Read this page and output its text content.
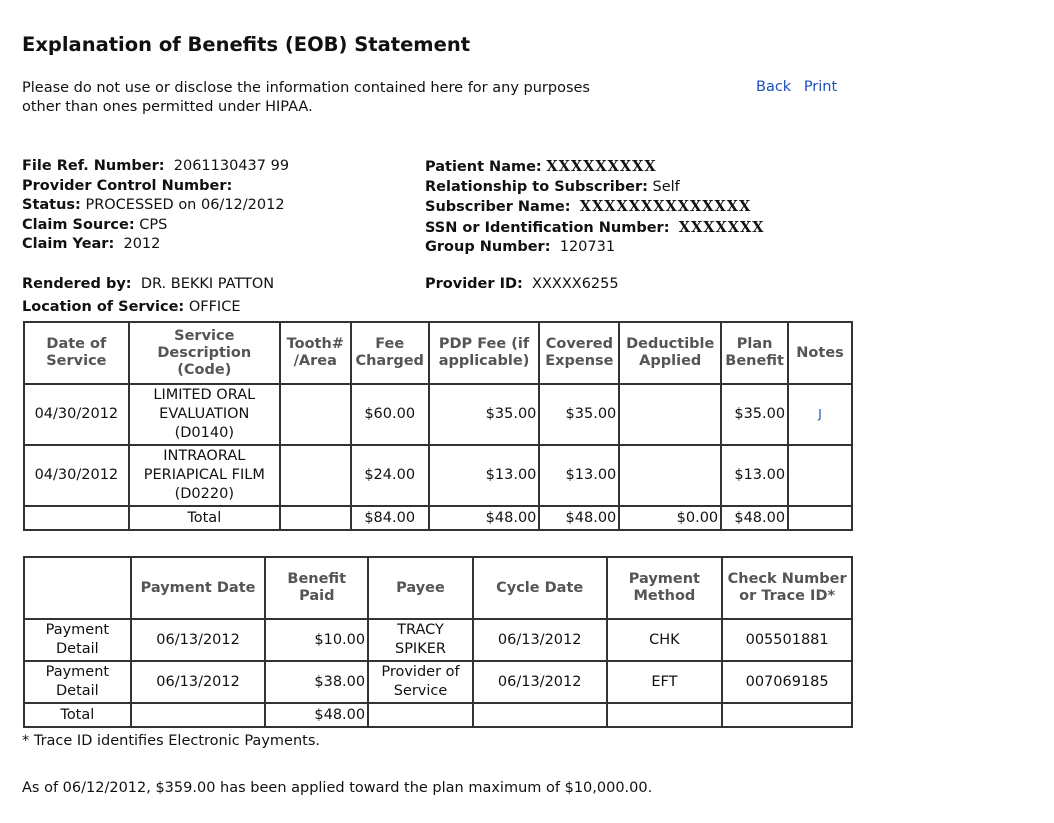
Explanation of Benefits (EOB) Statement
Please do not use or disclose the information contained here for any purposes other than ones permitted under HIPAA.
Back Print
File Ref. Number: 2061130437 99
Provider Control Number:
Status: PROCESSED on 06/12/2012
Claim Source: CPS
Claim Year: 2012
Patient Name: XXXXXXXXX
Relationship to Subscriber: Self
Subscriber Name: XXXXXXXXXXXXXX
SSN or Identification Number: XXXXXXX
Group Number: 120731
Rendered by: DR. BEKKI PATTON
Location of Service: OFFICE
Provider ID: XXXXX6255
Date of Service	Service Description (Code)	Tooth# /Area	Fee Charged	PDP Fee (if applicable)	Covered Expense	Deductible Applied	Plan Benefit	Notes
04/30/2012	LIMITED ORAL EVALUATION (D0140)		$60.00	$35.00	$35.00		$35.00	J
04/30/2012	INTRAORAL PERIAPICAL FILM (D0220)		$24.00	$13.00	$13.00		$13.00	
	Total		$84.00	$48.00	$48.00	$0.00	$48.00	
	Payment Date	Benefit Paid	Payee	Cycle Date	Payment Method	Check Number or Trace ID*
Payment Detail	06/13/2012	$10.00	TRACY SPIKER	06/13/2012	CHK	005501881
Payment Detail	06/13/2012	$38.00	Provider of Service	06/13/2012	EFT	007069185
Total		$48.00				
* Trace ID identifies Electronic Payments.
As of 06/12/2012, $359.00 has been applied toward the plan maximum of $10,000.00.
